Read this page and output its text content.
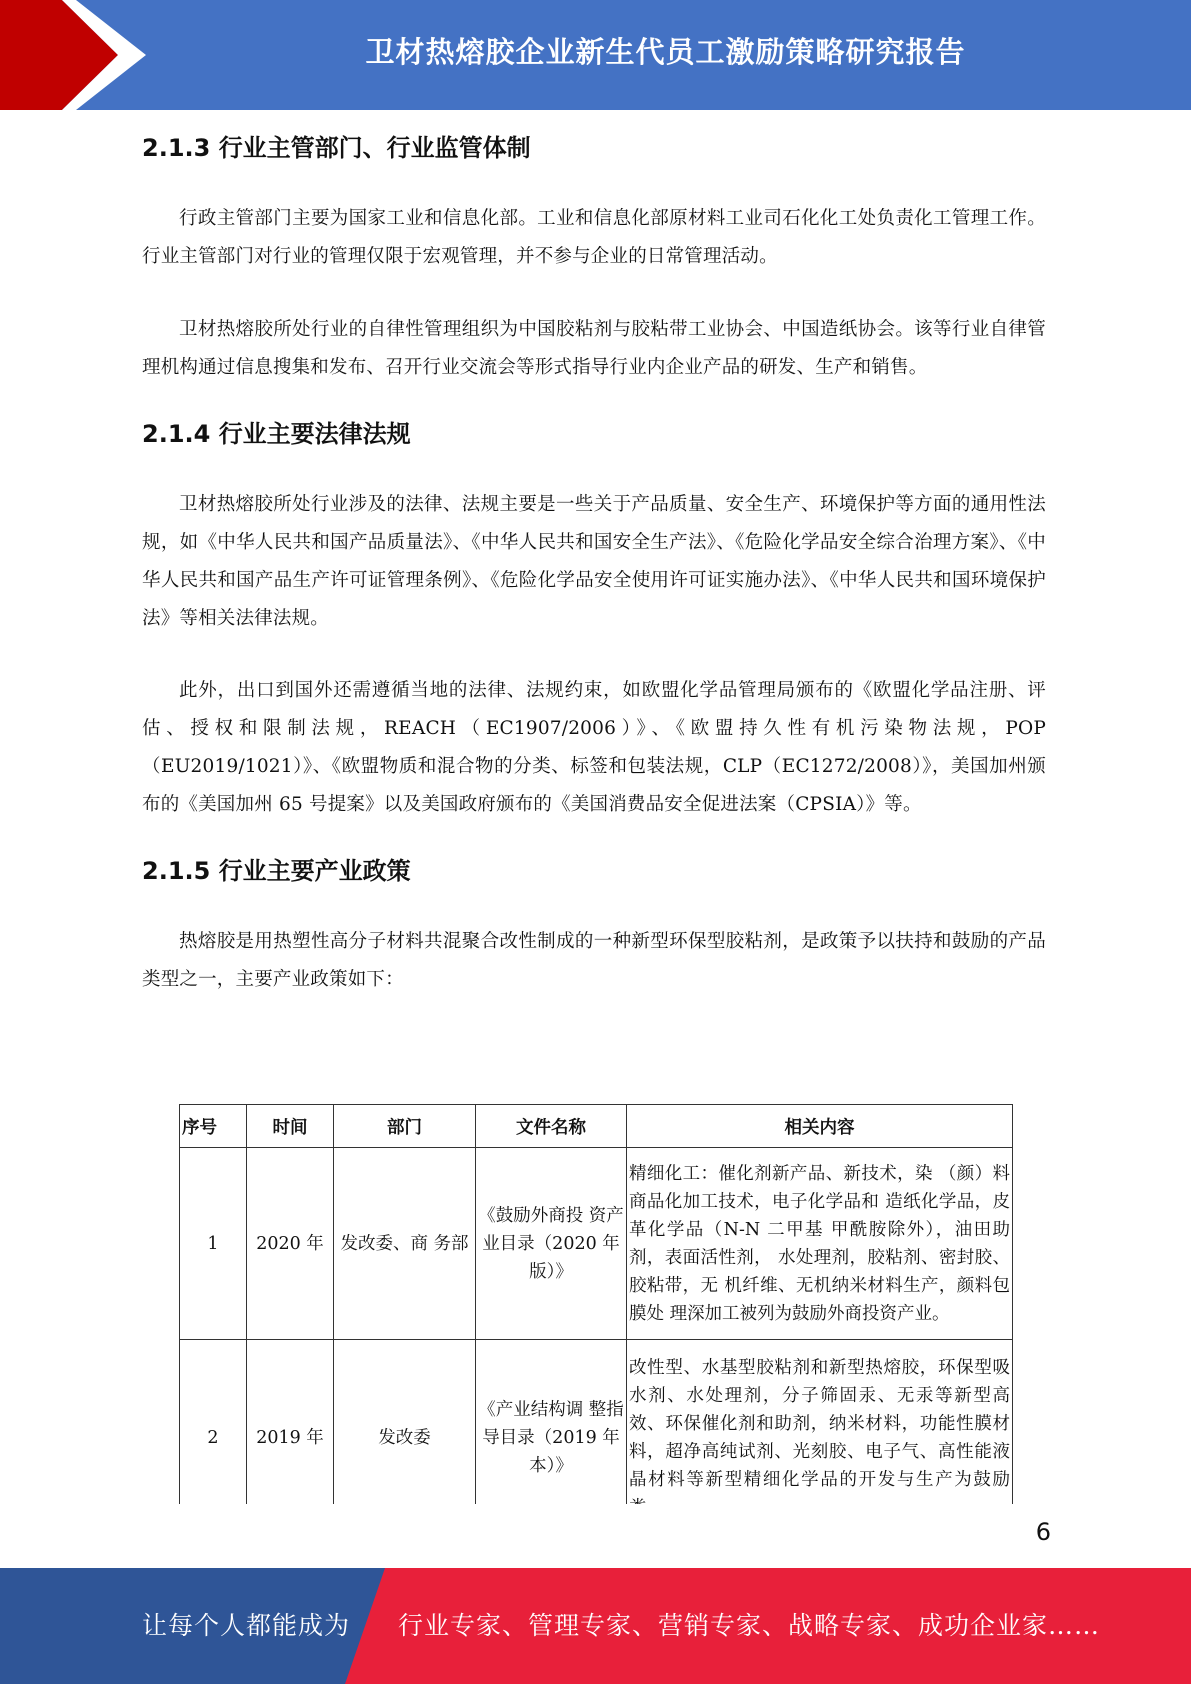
卫材热熔胶企业新生代员工激励策略研究报告
2.1.3 行业主管部门、行业监管体制

行政主管部门主要为国家工业和信息化部。工业和信息化部原材料工业司石化化工处负责化工管理工作。行业主管部门对行业的管理仅限于宏观管理，并不参与企业的日常管理活动。

卫材热熔胶所处行业的自律性管理组织为中国胶粘剂与胶粘带工业协会、中国造纸协会。该等行业自律管理机构通过信息搜集和发布、召开行业交流会等形式指导行业内企业产品的研发、生产和销售。

2.1.4 行业主要法律法规

卫材热熔胶所处行业涉及的法律、法规主要是一些关于产品质量、安全生产、环境保护等方面的通用性法规，如《中华人民共和国产品质量法》、《中华人民共和国安全生产法》、《危险化学品安全综合治理方案》、《中华人民共和国产品生产许可证管理条例》、《危险化学品安全使用许可证实施办法》、《中华人民共和国环境保护法》等相关法律法规。

此外，出口到国外还需遵循当地的法律、法规约束，如欧盟化学品管理局颁布的《欧盟化学品注册、评估、授权和限制法规，REACH（EC1907/2006）》、《欧盟持久性有机污染物法规，POP（EU2019/1021）》、《欧盟物质和混合物的分类、标签和包装法规，CLP（EC1272/2008）》，美国加州颁布的《美国加州 65 号提案》以及美国政府颁布的《美国消费品安全促进法案（CPSIA）》等。

2.1.5 行业主要产业政策

热熔胶是用热塑性高分子材料共混聚合改性制成的一种新型环保型胶粘剂，是政策予以扶持和鼓励的产品类型之一，主要产业政策如下：

序号	时间	部门	文件名称	相关内容
1	2020 年	发改委、商 务部	《鼓励外商投 资产业目录（2020 年版）》	精细化工：催化剂新产品、新技术，染 （颜）料商品化加工技术，电子化学品和 造纸化学品，皮革化学品（N-N 二甲基 甲酰胺除外），油田助剂，表面活性剂， 水处理剂，胶粘剂、密封胶、胶粘带，无 机纤维、无机纳米材料生产，颜料包膜处 理深加工被列为鼓励外商投资产业。
2	2019 年	发改委	《产业结构调 整指导目录（2019 年本）》	改性型、水基型胶粘剂和新型热熔胶，环保型吸水剂、水处理剂，分子筛固汞、无汞等新型高效、环保催化剂和助剂，纳米材料，功能性膜材料，超净高纯试剂、光刻胶、电子气、高性能液晶材料等新型精细化学品的开发与生产为鼓励
6
让每个人都能成为 行业专家、管理专家、营销专家、战略专家、成功企业家……
